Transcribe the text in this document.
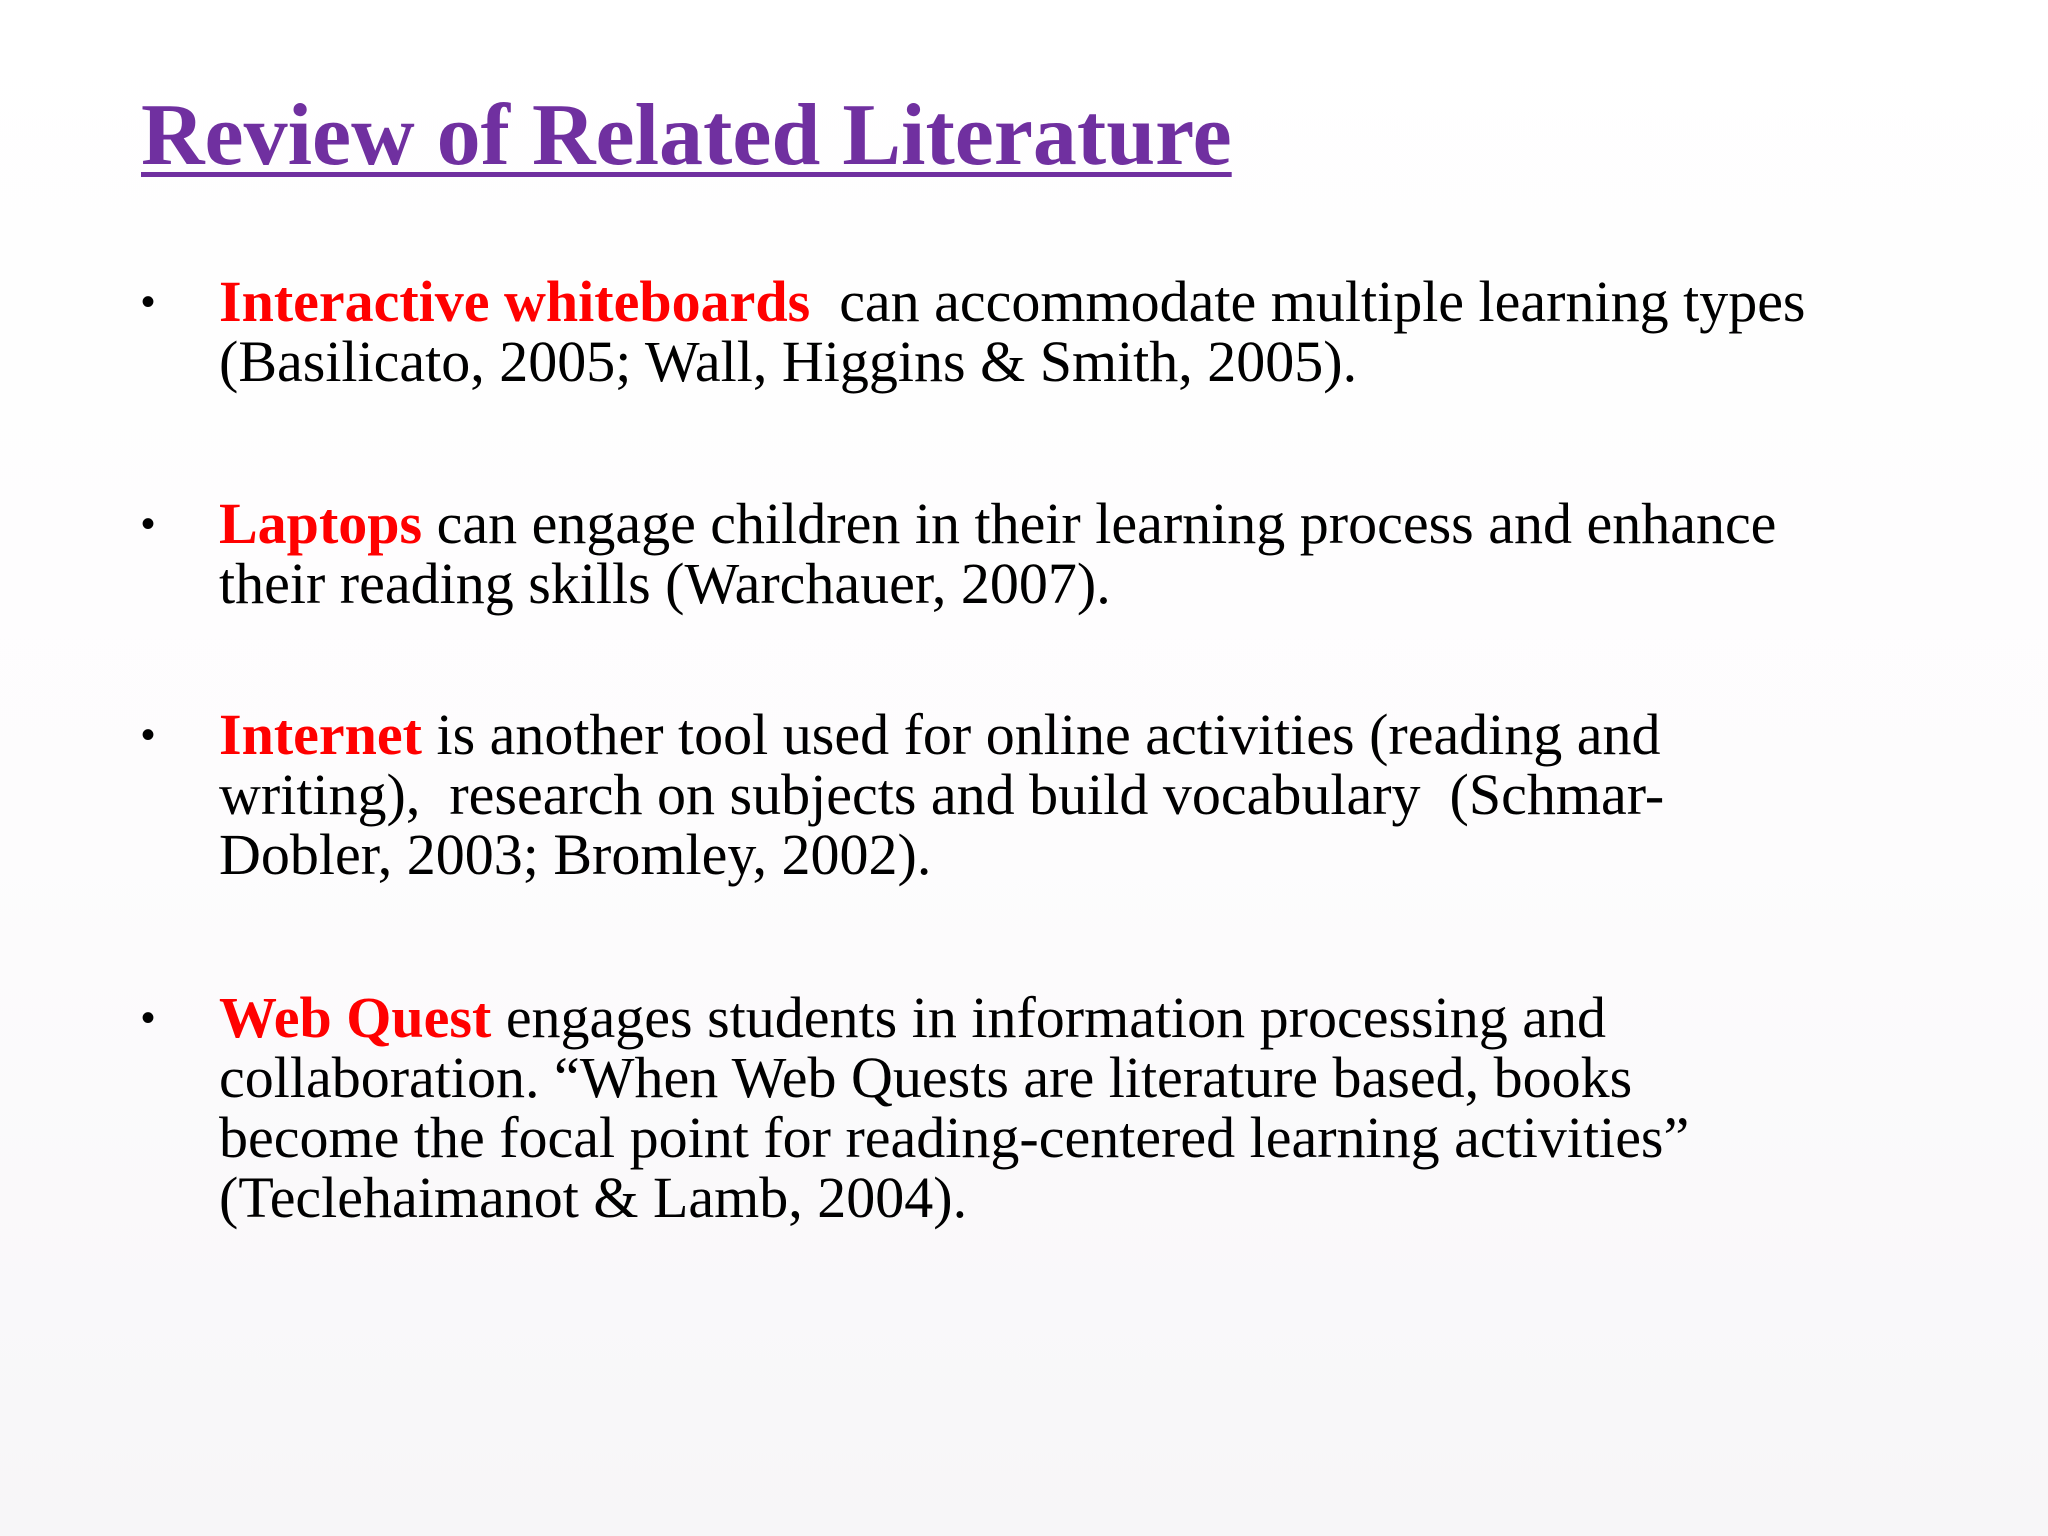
Review of Related Literature
• Interactive whiteboards  can accommodate multiple learning types
(Basilicato, 2005; Wall, Higgins & Smith, 2005).
• Laptops can engage children in their learning process and enhance
their reading skills (Warchauer, 2007).
• Internet is another tool used for online activities (reading and
writing),  research on subjects and build vocabulary  (Schmar-
Dobler, 2003; Bromley, 2002).
• Web Quest engages students in information processing and
collaboration. “When Web Quests are literature based, books
become the focal point for reading-centered learning activities”
(Teclehaimanot & Lamb, 2004).
